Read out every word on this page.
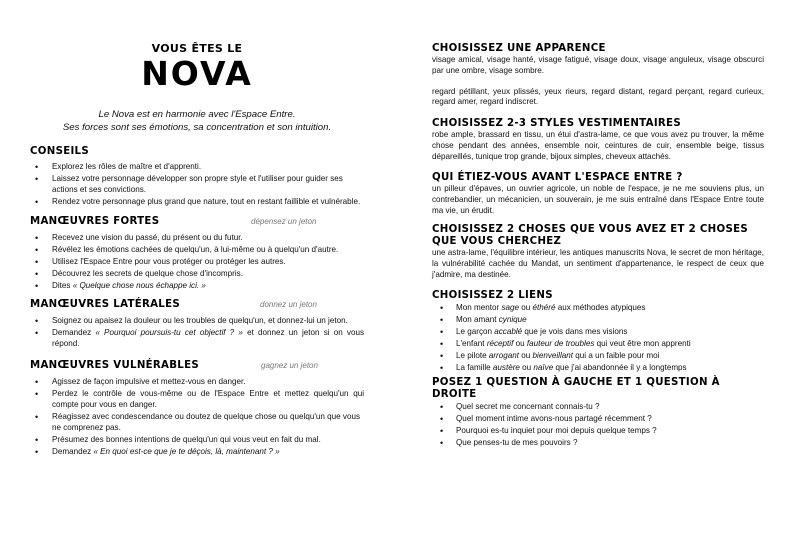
VOUS ÊTES LE
NOVA

Le Nova est en harmonie avec l'Espace Entre.

Ses forces sont ses émotions, sa concentration et son intuition.

CONSEILS
• Explorez les rôles de maître et d'apprenti.
• Laissez votre personnage développer son propre style et l'utiliser pour guider ses actions et ses convictions.
• Rendez votre personnage plus grand que nature, tout en restant faillible et vulnérable.
MANŒUVRES FORTES	dépensez un jeton
• Recevez une vision du passé, du présent ou du futur.
• Révélez les émotions cachées de quelqu'un, à lui-même ou à quelqu'un d'autre.
• Utilisez l'Espace Entre pour vous protéger ou protéger les autres.
• Découvrez les secrets de quelque chose d'incompris.
• Dites « Quelque chose nous échappe ici. »
MANŒUVRES LATÉRALES	donnez un jeton
• Soignez ou apaisez la douleur ou les troubles de quelqu'un, et donnez-lui un jeton.
• Demandez « Pourquoi poursuis-tu cet objectif ? » et donnez un jeton si on vous répond.
MANŒUVRES VULNÉRABLES	gagnez un jeton
• Agissez de façon impulsive et mettez-vous en danger.
• Perdez le contrôle de vous-même ou de l'Espace Entre et mettez quelqu'un qui compte pour vous en danger.
• Réagissez avec condescendance ou doutez de quelque chose ou quelqu'un que vous ne comprenez pas.
• Présumez des bonnes intentions de quelqu'un qui vous veut en fait du mal.
• Demandez « En quoi est-ce que je te déçois, là, maintenant ? »
CHOISISSEZ UNE APPARENCE

visage amical, visage hanté, visage fatigué, visage doux, visage anguleux, visage obscurci par une ombre, visage sombre.

regard pétillant, yeux plissés, yeux rieurs, regard distant, regard perçant, regard curieux, regard amer, regard indiscret.

CHOISISSEZ 2-3 STYLES VESTIMENTAIRES
robe ample, brassard en tissu, un étui d'astra-lame, ce que vous avez pu trouver, la même chose pendant des années, ensemble noir, ceintures de cuir, ensemble beige, tissus dépareillés, tunique trop grande, bijoux simples, cheveux attachés.
QUI ÉTIEZ-VOUS AVANT L'ESPACE ENTRE ?
un pilleur d'épaves, un ouvrier agricole, un noble de l'espace, je ne me souviens plus, un contrebandier, un mécanicien, un souverain, je me suis entraîné dans l'Espace Entre toute ma vie, un érudit.
CHOISISSEZ 2 CHOSES QUE VOUS AVEZ ET 2 CHOSES QUE VOUS CHERCHEZ
une astra-lame, l'équilibre intérieur, les antiques manuscrits Nova, le secret de mon héritage, la vulnérabilité cachée du Mandat, un sentiment d'appartenance, le respect de ceux que j'admire, ma destinée.
CHOISISSEZ 2 LIENS
• Mon mentor sage ou éthéré aux méthodes atypiques
• Mon amant cynique
• Le garçon accablé que je vois dans mes visions
• L'enfant réceptif ou fauteur de troubles qui veut être mon apprenti
• Le pilote arrogant ou bienveillant qui a un faible pour moi
• La famille austère ou naïve que j'ai abandonnée il y a longtemps
POSEZ 1 QUESTION À GAUCHE ET 1 QUESTION À DROITE
• Quel secret me concernant connais-tu ?
• Quel moment intime avons-nous partagé récemment ?
• Pourquoi es-tu inquiet pour moi depuis quelque temps ?
• Que penses-tu de mes pouvoirs ?
